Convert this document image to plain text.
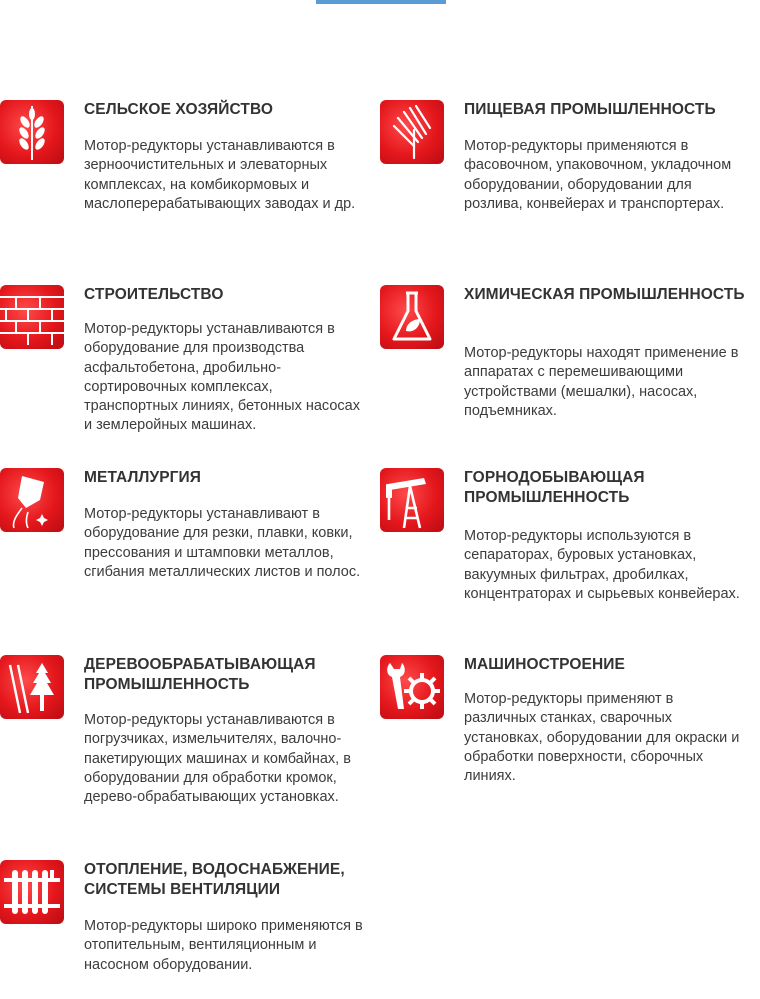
СЕЛЬСКОЕ ХОЗЯЙСТВО
Мотор-редукторы устанавливаются в зерноочистительных и элеваторных комплексах, на комбикормовых и маслоперерабатывающих заводах и др.
ПИЩЕВАЯ ПРОМЫШЛЕННОСТЬ
Мотор-редукторы применяются в фасовочном, упаковочном, укладочном оборудовании, оборудовании для розлива, конвейерах и транспортерах.
СТРОИТЕЛЬСТВО
Мотор-редукторы устанавливаются в оборудование для производства асфальтобетона, дробильно-сортировочных комплексах, транспортных линиях, бетонных насосах и землеройных машинах.
ХИМИЧЕСКАЯ ПРОМЫШЛЕННОСТЬ
Мотор-редукторы находят применение в аппаратах с перемешивающими устройствами (мешалки), насосах, подъемниках.
МЕТАЛЛУРГИЯ
Мотор-редукторы устанавливают в оборудование для резки, плавки, ковки, прессования и штамповки металлов, сгибания металлических листов и полос.
ГОРНОДОБЫВАЮЩАЯ ПРОМЫШЛЕННОСТЬ
Мотор-редукторы используются в сепараторах, буровых установках, вакуумных фильтрах, дробилках, концентраторах и сырьевых конвейерах.
ДЕРЕВООБРАБАТЫВАЮЩАЯ ПРОМЫШЛЕННОСТЬ
Мотор-редукторы устанавливаются в погрузчиках, измельчителях, валочно-пакетирующих машинах и комбайнах, в оборудовании для обработки кромок, дерево-обрабатывающих установках.
МАШИНОСТРОЕНИЕ
Мотор-редукторы применяют в различных станках, сварочных установках, оборудовании для окраски и обработки поверхности, сборочных линиях.
ОТОПЛЕНИЕ, ВОДОСНАБЖЕНИЕ, СИСТЕМЫ ВЕНТИЛЯЦИИ
Мотор-редукторы широко применяются в отопительным, вентиляционным и насосном оборудовании.
